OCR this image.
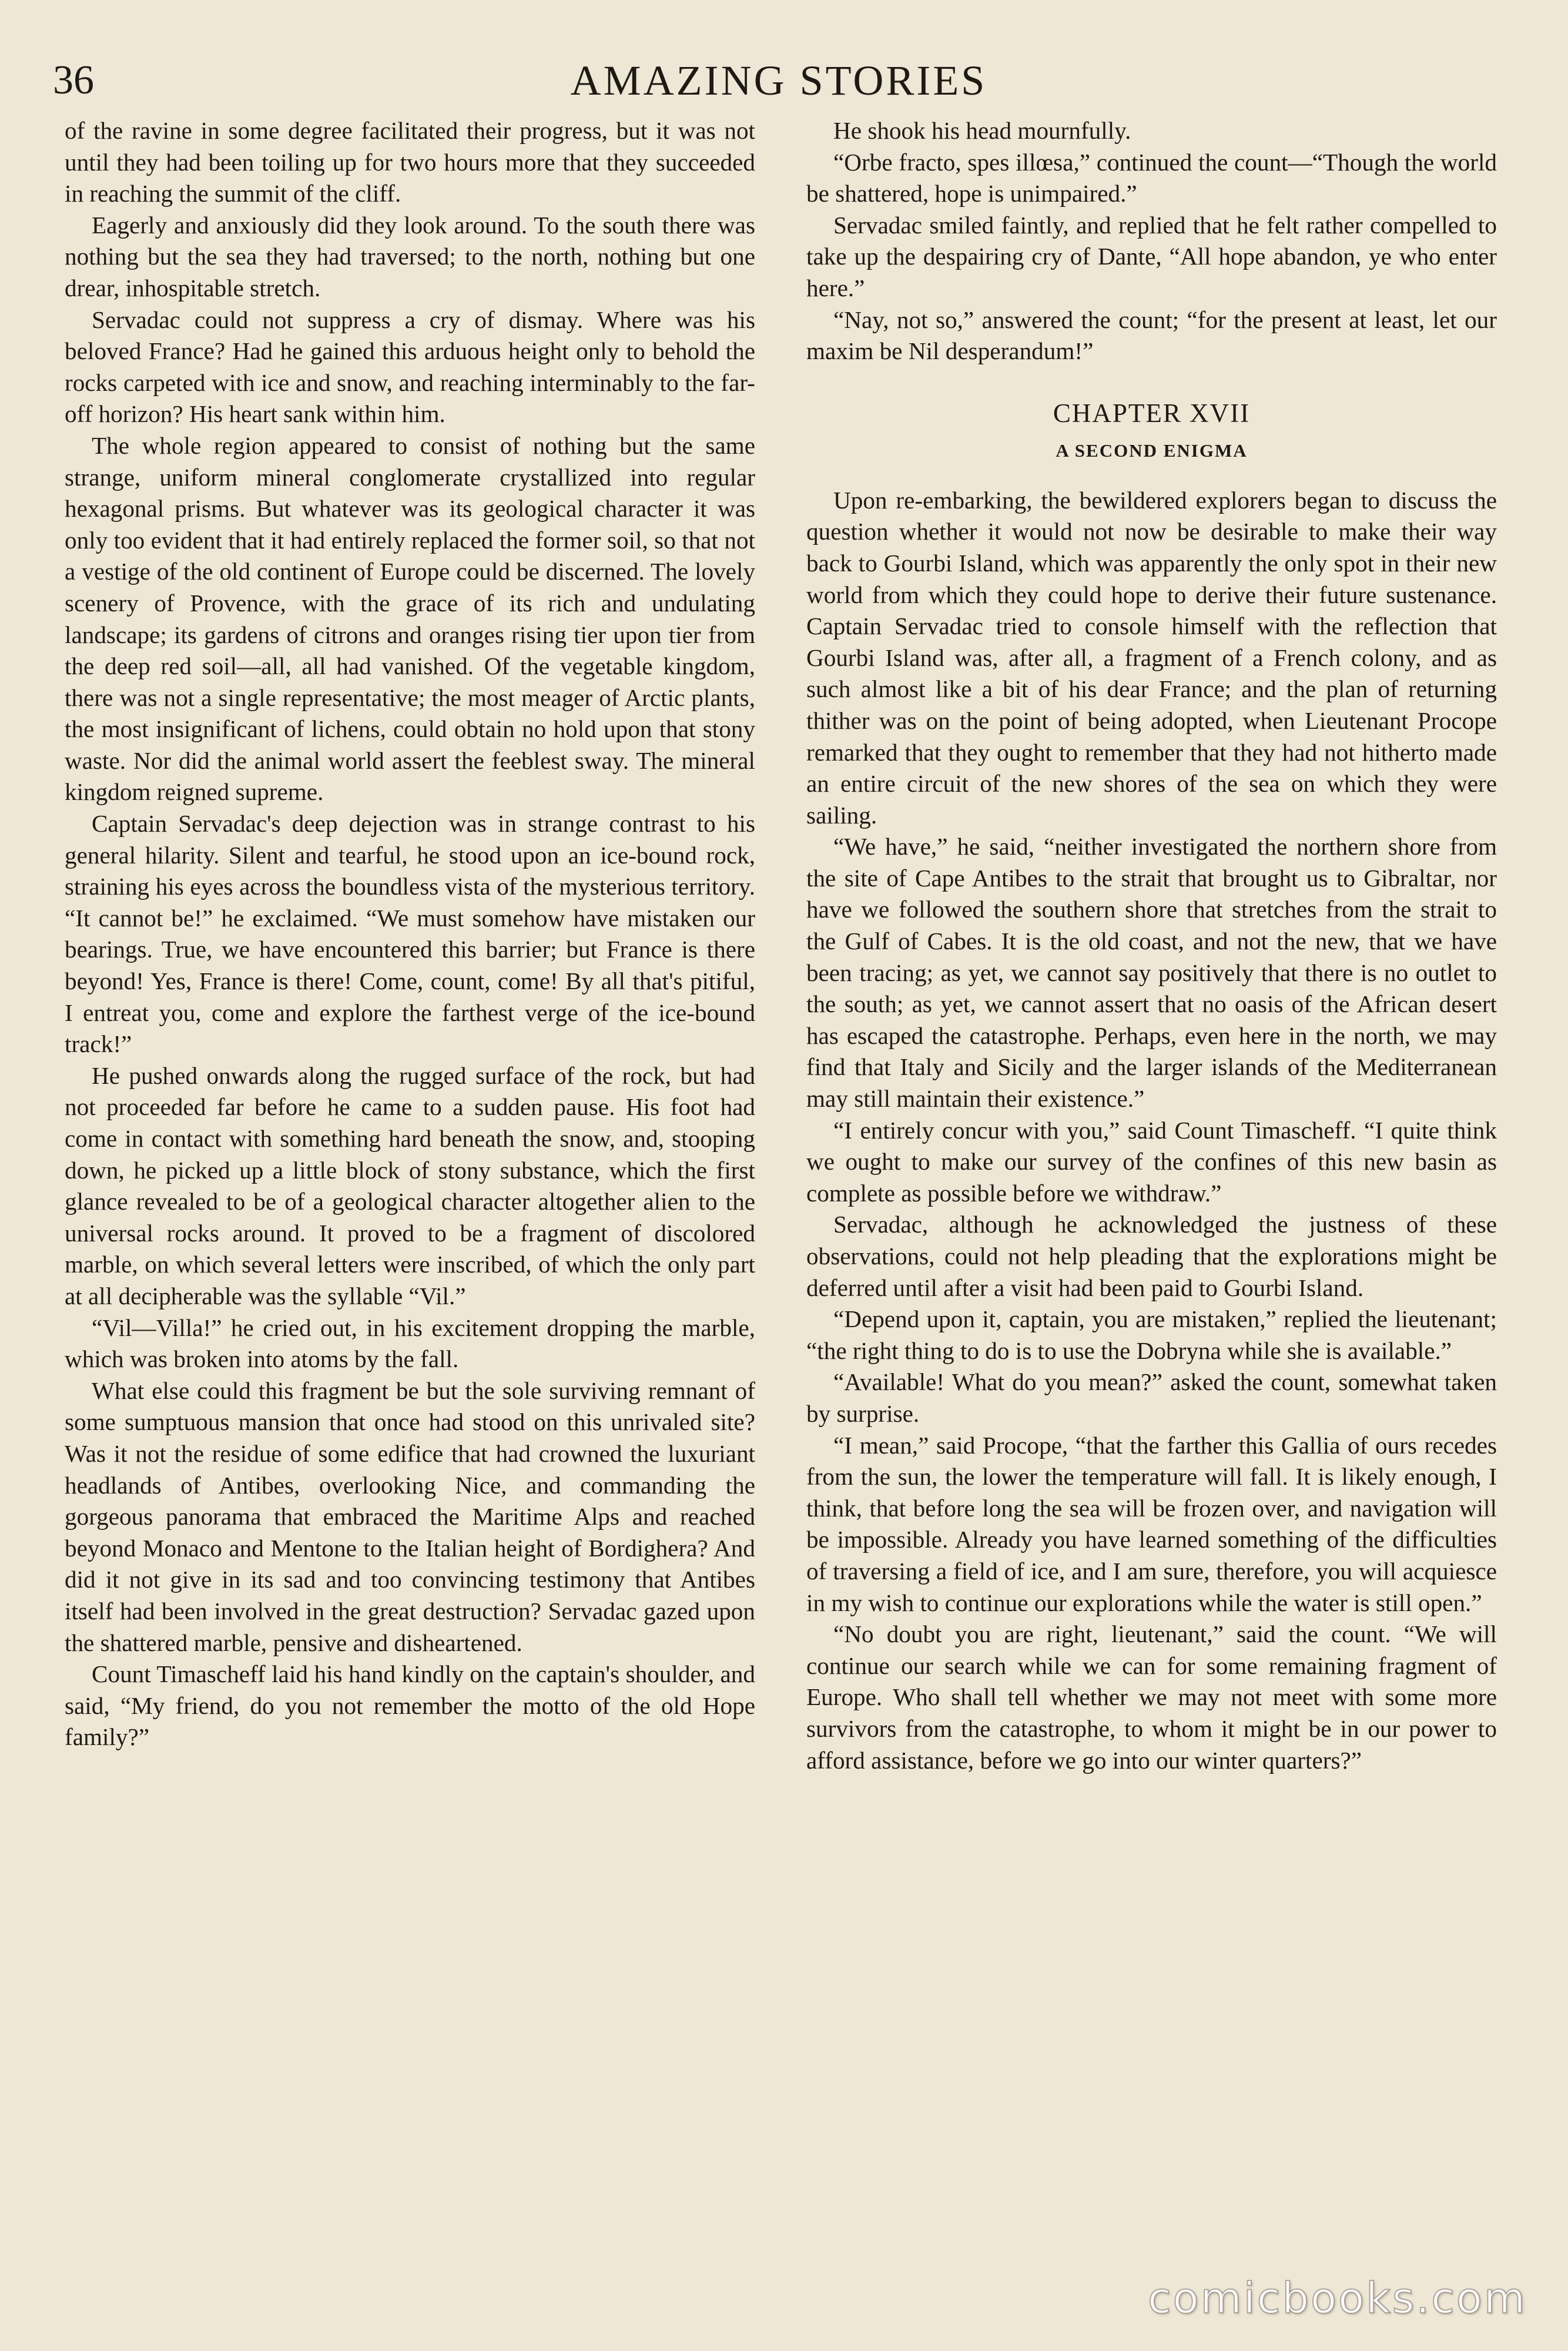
36	AMAZING STORIES

of the ravine in some degree facilitated their progress, but it was not until they had been toiling up for two hours more that they succeeded in reaching the summit of the cliff.

Eagerly and anxiously did they look around. To the south there was nothing but the sea they had traversed; to the north, nothing but one drear, inhospitable stretch.

Servadac could not suppress a cry of dismay. Where was his beloved France? Had he gained this arduous height only to behold the rocks carpeted with ice and snow, and reaching interminably to the far-off horizon? His heart sank within him.

The whole region appeared to consist of nothing but the same strange, uniform mineral conglomerate crystallized into regular hexagonal prisms. But whatever was its geological character it was only too evident that it had entirely replaced the former soil, so that not a vestige of the old continent of Europe could be discerned. The lovely scenery of Provence, with the grace of its rich and undulating landscape; its gardens of citrons and oranges rising tier upon tier from the deep red soil—all, all had vanished. Of the vegetable kingdom, there was not a single representative; the most meager of Arctic plants, the most insignificant of lichens, could obtain no hold upon that stony waste. Nor did the animal world assert the feeblest sway. The mineral kingdom reigned supreme.

Captain Servadac's deep dejection was in strange contrast to his general hilarity. Silent and tearful, he stood upon an ice-bound rock, straining his eyes across the boundless vista of the mysterious territory. “It cannot be!” he exclaimed. “We must somehow have mistaken our bearings. True, we have encountered this barrier; but France is there beyond! Yes, France is there! Come, count, come! By all that's pitiful, I entreat you, come and explore the farthest verge of the ice-bound track!”

He pushed onwards along the rugged surface of the rock, but had not proceeded far before he came to a sudden pause. His foot had come in contact with something hard beneath the snow, and, stooping down, he picked up a little block of stony substance, which the first glance revealed to be of a geological character altogether alien to the universal rocks around. It proved to be a fragment of discolored marble, on which several letters were inscribed, of which the only part at all decipherable was the syllable “Vil.”

“Vil—Villa!” he cried out, in his excitement dropping the marble, which was broken into atoms by the fall.

What else could this fragment be but the sole surviving remnant of some sumptuous mansion that once had stood on this unrivaled site? Was it not the residue of some edifice that had crowned the luxuriant headlands of Antibes, overlooking Nice, and commanding the gorgeous panorama that embraced the Maritime Alps and reached beyond Monaco and Mentone to the Italian height of Bordighera? And did it not give in its sad and too convincing testimony that Antibes itself had been involved in the great destruction? Servadac gazed upon the shattered marble, pensive and disheartened.

Count Timascheff laid his hand kindly on the captain's shoulder, and said, “My friend, do you not remember the motto of the old Hope family?”

He shook his head mournfully.

“Orbe fracto, spes illœsa,” continued the count—“Though the world be shattered, hope is unimpaired.”

Servadac smiled faintly, and replied that he felt rather compelled to take up the despairing cry of Dante, “All hope abandon, ye who enter here.”

“Nay, not so,” answered the count; “for the present at least, let our maxim be Nil desperandum!”

CHAPTER XVII
A SECOND ENIGMA

Upon re-embarking, the bewildered explorers began to discuss the question whether it would not now be desirable to make their way back to Gourbi Island, which was apparently the only spot in their new world from which they could hope to derive their future sustenance. Captain Servadac tried to console himself with the reflection that Gourbi Island was, after all, a fragment of a French colony, and as such almost like a bit of his dear France; and the plan of returning thither was on the point of being adopted, when Lieutenant Procope remarked that they ought to remember that they had not hitherto made an entire circuit of the new shores of the sea on which they were sailing.

“We have,” he said, “neither investigated the northern shore from the site of Cape Antibes to the strait that brought us to Gibraltar, nor have we followed the southern shore that stretches from the strait to the Gulf of Cabes. It is the old coast, and not the new, that we have been tracing; as yet, we cannot say positively that there is no outlet to the south; as yet, we cannot assert that no oasis of the African desert has escaped the catastrophe. Perhaps, even here in the north, we may find that Italy and Sicily and the larger islands of the Mediterranean may still maintain their existence.”

“I entirely concur with you,” said Count Timascheff. “I quite think we ought to make our survey of the confines of this new basin as complete as possible before we withdraw.”

Servadac, although he acknowledged the justness of these observations, could not help pleading that the explorations might be deferred until after a visit had been paid to Gourbi Island.

“Depend upon it, captain, you are mistaken,” replied the lieutenant; “the right thing to do is to use the Dobryna while she is available.”

“Available! What do you mean?” asked the count, somewhat taken by surprise.

“I mean,” said Procope, “that the farther this Gallia of ours recedes from the sun, the lower the temperature will fall. It is likely enough, I think, that before long the sea will be frozen over, and navigation will be impossible. Already you have learned something of the difficulties of traversing a field of ice, and I am sure, therefore, you will acquiesce in my wish to continue our explorations while the water is still open.”

“No doubt you are right, lieutenant,” said the count. “We will continue our search while we can for some remaining fragment of Europe. Who shall tell whether we may not meet with some more survivors from the catastrophe, to whom it might be in our power to afford assistance, before we go into our winter quarters?”

comicbooks.com
